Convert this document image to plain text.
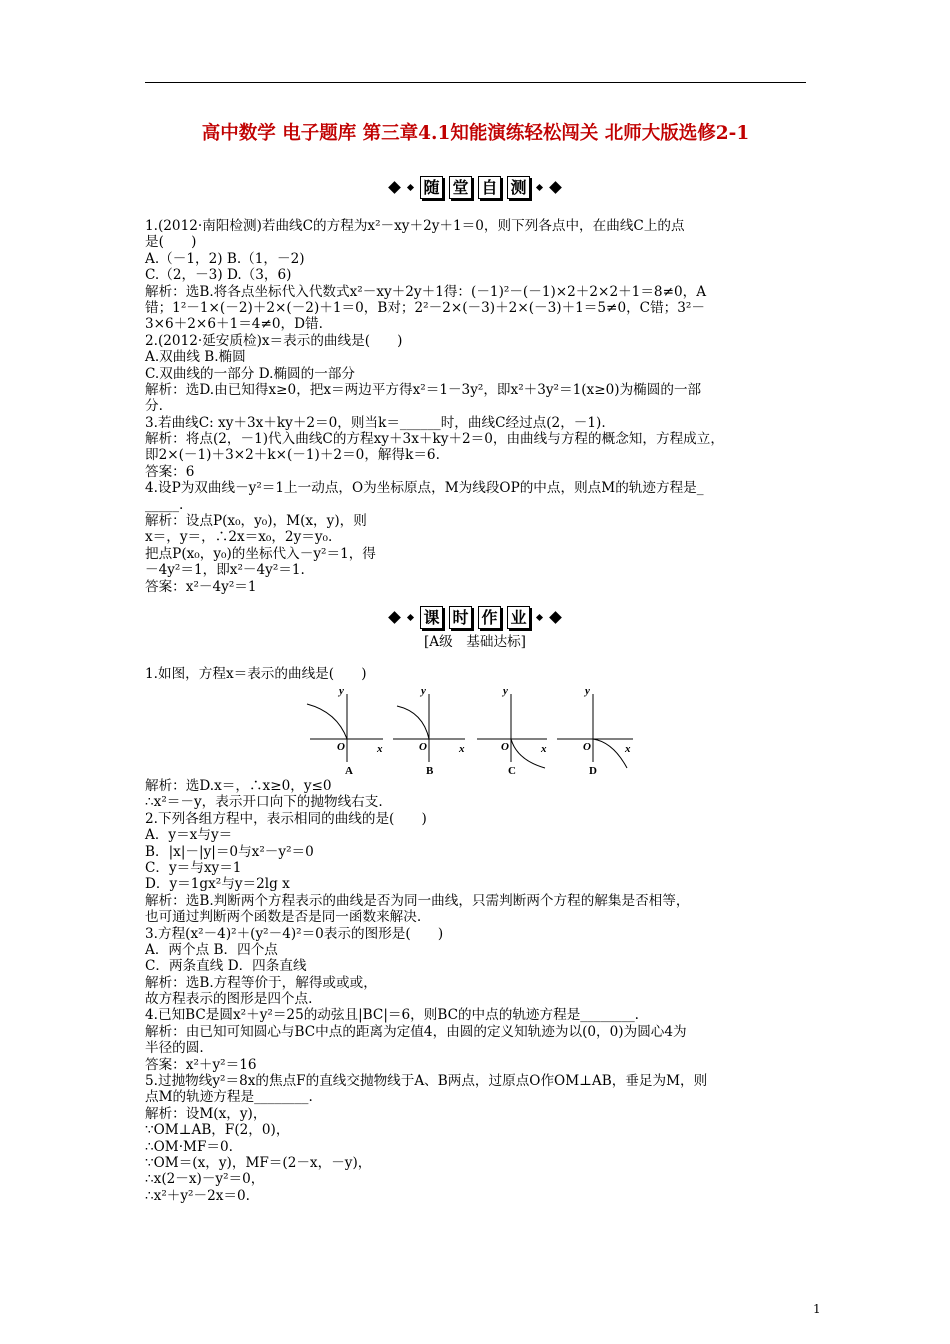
高中数学 电子题库 第三章4.1知能演练轻松闯关 北师大版选修2-1
随 堂 自 测
1.(2012·南阳检测)若曲线C的方程为x²－xy＋2y＋1＝0，则下列各点中，在曲线C上的点
是(　　)
A.（－1，2) B.（1，－2)
C.（2，－3) D.（3，6)
解析：选B.将各点坐标代入代数式x²－xy＋2y＋1得：(－1)²－(－1)×2＋2×2＋1＝8≠0，A
错；1²－1×(－2)＋2×(－2)＋1＝0，B对；2²－2×(－3)＋2×(－3)＋1＝5≠0，C错；3²－
3×6＋2×6＋1＝4≠0，D错.
2.(2012·延安质检)x＝表示的曲线是(　　)
A.双曲线 B.椭圆
C.双曲线的一部分 D.椭圆的一部分
解析：选D.由已知得x≥0，把x＝两边平方得x²＝1－3y²，即x²＋3y²＝1(x≥0)为椭圆的一部
分.
3.若曲线C: xy＋3x＋ky＋2＝0，则当k＝______时，曲线C经过点(2，－1).
解析：将点(2，－1)代入曲线C的方程xy＋3x＋ky＋2＝0，由曲线与方程的概念知，方程成立，
即2×(－1)＋3×2＋k×(－1)＋2＝0，解得k＝6.
答案：6
4.设P为双曲线－y²＝1上一动点，O为坐标原点，M为线段OP的中点，则点M的轨迹方程是_
_____.
解析：设点P(x₀，y₀)，M(x，y)，则
x＝，y＝，∴2x＝x₀，2y＝y₀.
把点P(x₀，y₀)的坐标代入－y²＝1，得
－4y²＝1，即x²－4y²＝1.
答案：x²－4y²＝1
课 时 作 业
[A级　基础达标]
1.如图，方程x＝表示的曲线是(　　)
O
y
x
A
O
y
x
B
O
y
x
C
O
y
x
D
解析：选D.x＝，∴x≥0，y≤0
∴x²＝－y，表示开口向下的抛物线右支.
2.下列各组方程中，表示相同的曲线的是(　　)
A．y＝x与y＝
B．|x|－|y|＝0与x²－y²＝0
C．y＝与xy＝1
D．y＝1gx²与y＝2lg x
解析：选B.判断两个方程表示的曲线是否为同一曲线，只需判断两个方程的解集是否相等，
也可通过判断两个函数是否是同一函数来解决.
3.方程(x²－4)²＋(y²－4)²＝0表示的图形是(　　)
A．两个点 B．四个点
C．两条直线 D．四条直线
解析：选B.方程等价于，解得或或或，
故方程表示的图形是四个点.
4.已知BC是圆x²＋y²＝25的动弦且|BC|＝6，则BC的中点的轨迹方程是________.
解析：由已知可知圆心与BC中点的距离为定值4，由圆的定义知轨迹为以(0，0)为圆心4为
半径的圆.
答案：x²＋y²＝16
5.过抛物线y²＝8x的焦点F的直线交抛物线于A、B两点，过原点O作OM⊥AB，垂足为M，则
点M的轨迹方程是________.
解析：设M(x，y)，
∵OM⊥AB，F(2，0)，
∴OM·MF＝0.
∵OM＝(x，y)，MF＝(2－x，－y)，
∴x(2－x)－y²＝0，
∴x²＋y²－2x＝0.
1
